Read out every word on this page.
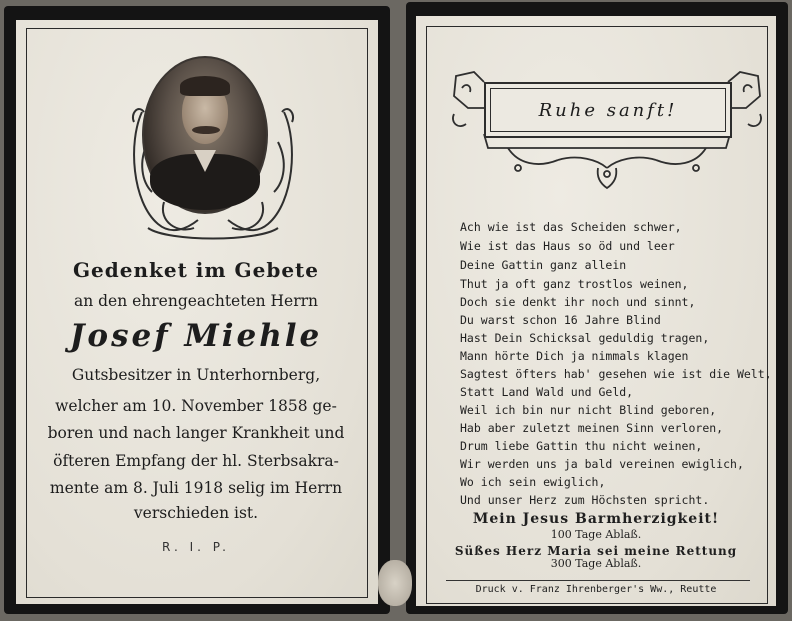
Gedenket im Gebete
an den ehrengeachteten Herrn
Josef Miehle
Gutsbesitzer in Unterhornberg,
welcher am 10. November 1858 ge-
boren und nach langer Krankheit und
öfteren Empfang der hl. Sterbsakra-
mente am 8. Juli 1918 selig im Herrn
verschieden ist.
R. I. P.
Ruhe sanft!
Ach wie ist das Scheiden schwer,
Wie ist das Haus so öd und leer
Deine Gattin ganz allein
Thut ja oft ganz trostlos weinen,
Doch sie denkt ihr noch und sinnt,
Du warst schon 16 Jahre Blind
Hast Dein Schicksal geduldig tragen,
Mann hörte Dich ja nimmals klagen
Sagtest öfters hab' gesehen wie ist die Welt,
Statt Land Wald und Geld,
Weil ich bin nur nicht Blind geboren,
Hab aber zuletzt meinen Sinn verloren,
Drum liebe Gattin thu nicht weinen,
Wir werden uns ja bald vereinen ewiglich,
Wo ich sein ewiglich,
Und unser Herz zum Höchsten spricht.
Mein Jesus Barmherzigkeit!
100 Tage Ablaß.
Süßes Herz Maria sei meine Rettung
300 Tage Ablaß.
Druck v. Franz Ihrenberger's Ww., Reutte
